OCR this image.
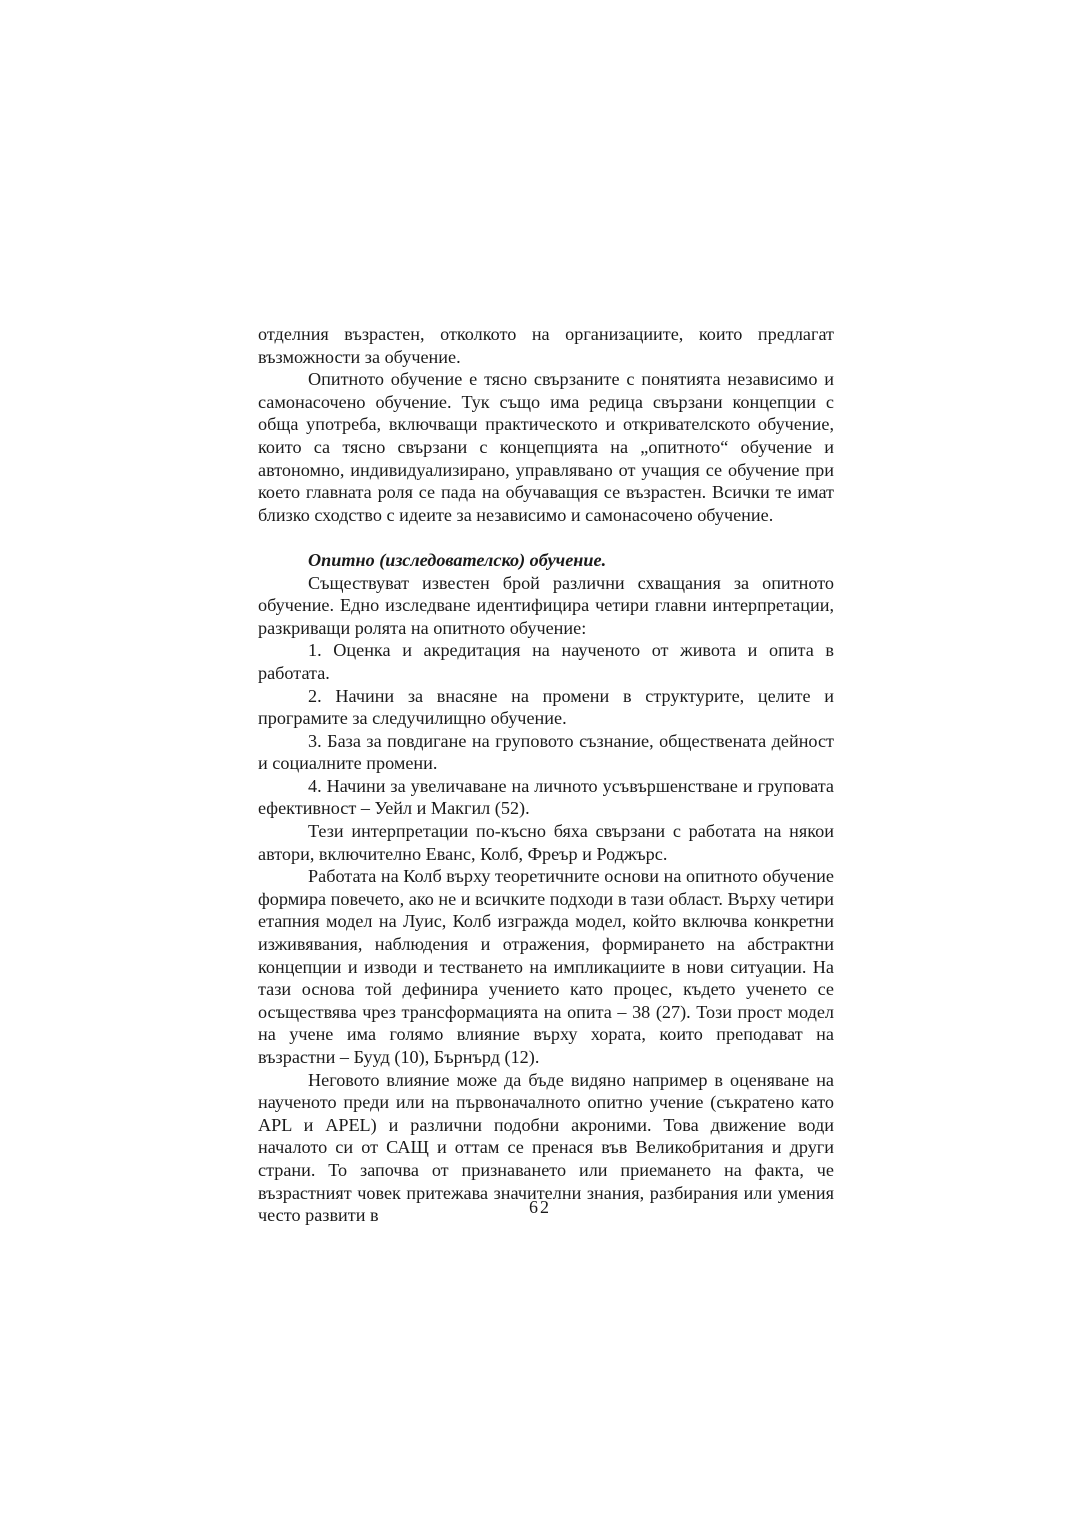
отделния възрастен, отколкото на организациите, които предлагат възможности за обучение.

Опитното обучение е тясно свързаните с понятията независимо и самонасочено обучение. Тук също има редица свързани концепции с обща употреба, включващи практическото и откривателското обучение, които са тясно свързани с концепцията на „опитното“ обучение и автономно, индивидуализирано, управлявано от учащия се обучение при което главната роля се пада на обучаващия се възрастен. Всички те имат близко сходство с идеите за независимо и самонасочено обучение.

Опитно (изследователско) обучение.

Съществуват известен брой различни схващания за опитното обучение. Едно изследване идентифицира четири главни интерпретации, разкриващи ролята на опитното обучение:

1. Оценка и акредитация на наученото от живота и опита в работата.

2. Начини за внасяне на промени в структурите, целите и програмите за следучилищно обучение.

3. База за повдигане на груповото съзнание, обществената дейност и социалните промени.

4. Начини за увеличаване на личното усъвършенстване и груповата ефективност – Уейл и Макгил (52).

Тези интерпретации по-късно бяха свързани с работата на някои автори, включително Еванс, Колб, Фреър и Роджърс.

Работата на Колб върху теоретичните основи на опитното обучение формира повечето, ако не и всичките подходи в тази област. Върху четири етапния модел на Луис, Колб изгражда модел, който включва конкретни изживявания, наблюдения и отражения, формирането на абстрактни концепции и изводи и тестването на импликациите в нови ситуации. На тази основа той дефинира учението като процес, където ученето се осъществява чрез трансформацията на опита – 38 (27). Този прост модел на учене има голямо влияние върху хората, които преподават на възрастни – Бууд (10), Бърнърд (12).

Неговото влияние може да бъде видяно например в оценяване на наученото преди или на първоначалното опитно учение (съкратено като APL и APEL) и различни подобни акроними. Това движение води началото си от САЩ и оттам се пренася във Великобритания и други страни. То започва от признаването или приемането на факта, че възрастният човек притежава значителни знания, разбирания или умения често развити в	62
